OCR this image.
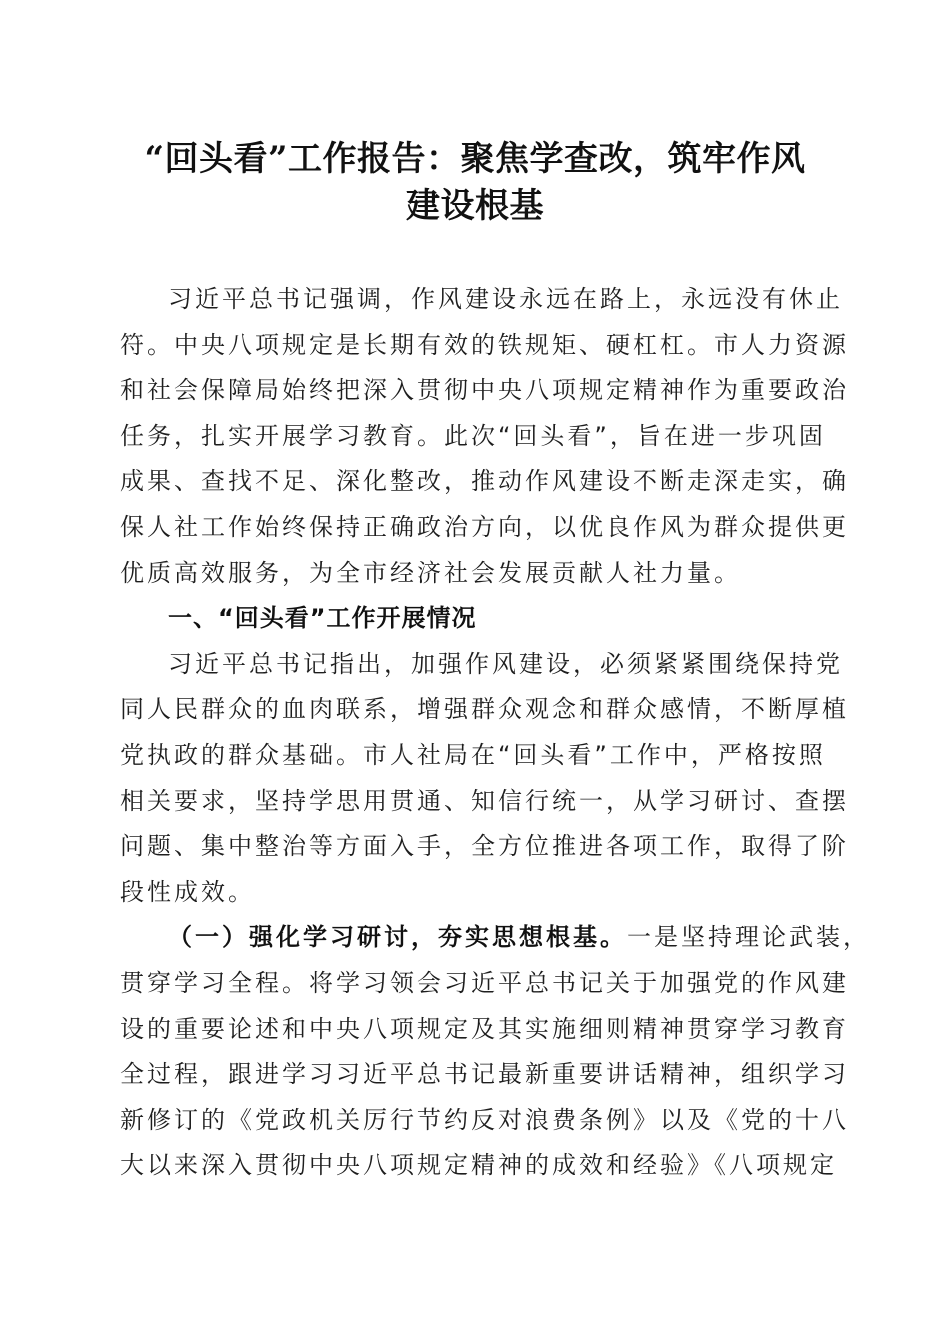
“回头看”工作报告：聚焦学查改，筑牢作风
建设根基

习近平总书记强调，作风建设永远在路上，永远没有休止
符。中央八项规定是长期有效的铁规矩、硬杠杠。市人力资源
和社会保障局始终把深入贯彻中央八项规定精神作为重要政治
任务，扎实开展学习教育。此次“回头看”，旨在进一步巩固
成果、查找不足、深化整改，推动作风建设不断走深走实，确
保人社工作始终保持正确政治方向，以优良作风为群众提供更
优质高效服务，为全市经济社会发展贡献人社力量。

一、“回头看”工作开展情况

习近平总书记指出，加强作风建设，必须紧紧围绕保持党
同人民群众的血肉联系，增强群众观念和群众感情，不断厚植
党执政的群众基础。市人社局在“回头看”工作中，严格按照
相关要求，坚持学思用贯通、知信行统一，从学习研讨、查摆
问题、集中整治等方面入手，全方位推进各项工作，取得了阶
段性成效。

（一）强化学习研讨，夯实思想根基。一是坚持理论武装，
贯穿学习全程。将学习领会习近平总书记关于加强党的作风建
设的重要论述和中央八项规定及其实施细则精神贯穿学习教育
全过程，跟进学习习近平总书记最新重要讲话精神，组织学习
新修订的《党政机关厉行节约反对浪费条例》以及《党的十八
大以来深入贯彻中央八项规定精神的成效和经验》《八项规定
